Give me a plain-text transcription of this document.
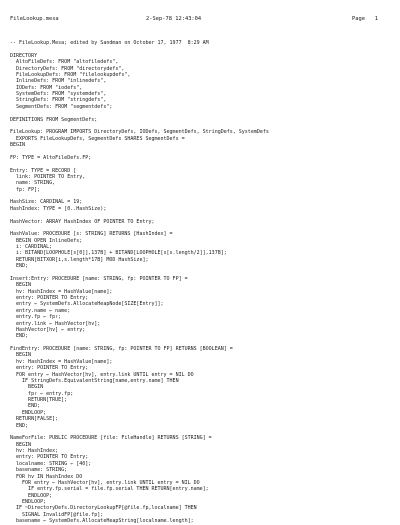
FileLookup.mesa	2-Sep-78 12:43:04	Page 1
-- FileLookup.Mesa; edited by Sandman on October 17, 1977  8:29 AM
DIRECTORY
AltoFileDefs: FROM "altofiledefs",
DirectoryDefs: FROM "directorydefs",
FileLookupDefs: FROM "filelookupdefs",
InlineDefs: FROM "inlinedefs",
IODefs: FROM "iodefs",
SystemDefs: FROM "systemdefs",
StringDefs: FROM "stringdefs",
SegmentDefs: FROM "segmentdefs";
DEFINITIONS FROM SegmentDefs;
FileLookup: PROGRAM IMPORTS DirectoryDefs, IODefs, SegmentDefs, StringDefs, SystemDefs
EXPORTS FileLookupDefs, SegmentDefs SHARES SegmentDefs =
BEGIN
FP: TYPE = AltoFileDefs.FP;
Entry: TYPE = RECORD [
link: POINTER TO Entry,
name: STRING,
fp: FP];
HashSize: CARDINAL = 19;
HashIndex: TYPE = [0..HashSize);
HashVector: ARRAY HashIndex OF POINTER TO Entry;
HashValue: PROCEDURE [s: STRING] RETURNS [HashIndex] =
BEGIN OPEN InlineDefs;
i: CARDINAL;
i: BITAND[LOOPHOLE[s[0]],137B] + BITAND[LOOPHOLE[s[s.length/2]],137B];
RETURN[BITXOR[i,s.length*17B] MOD HashSize];
END;
Insert:Entry: PROCEDURE [name: STRING, fp: POINTER TO FP] =
BEGIN
hv: HashIndex = HashValue[name];
entry: POINTER TO Entry;
entry ← SystemDefs.AllocateHeapNode[SIZE[Entry]];
entry.name ← name;
entry.fp ← fp↑;
entry.link ← HashVector[hv];
HashVector[hv] ← entry;
END;
FindEntry: PROCEDURE [name: STRING, fp: POINTER TO FP] RETURNS [BOOLEAN] =
BEGIN
hv: HashIndex = HashValue[name];
entry: POINTER TO Entry;
FOR entry ← HashVector[hv], entry.link UNTIL entry = NIL DO
IF StringDefs.EquivalentString[name,entry.name] THEN
BEGIN
fp↑ ← entry.fp;
RETURN[TRUE];
END;
ENDLOOP;
RETURN[FALSE];
END;
NameForFile: PUBLIC PROCEDURE [file: FileHandle] RETURNS [STRING] =
BEGIN
hv: HashIndex;
entry: POINTER TO Entry;
localname: STRING ← [40];
basename: STRING;
FOR hv IN HashIndex DO
FOR entry ← HashVector[hv], entry.link UNTIL entry = NIL DO
IF entry.fp.serial = file.fp.serial THEN RETURN[entry.name];
ENDLOOP;
ENDLOOP;
IF ~DirectoryDefs.DirectoryLookupFP[@file.fp,localname] THEN
SIGNAL InvalidFP[@file.fp];
basename ← SystemDefs.AllocateHeapString[localname.length];
